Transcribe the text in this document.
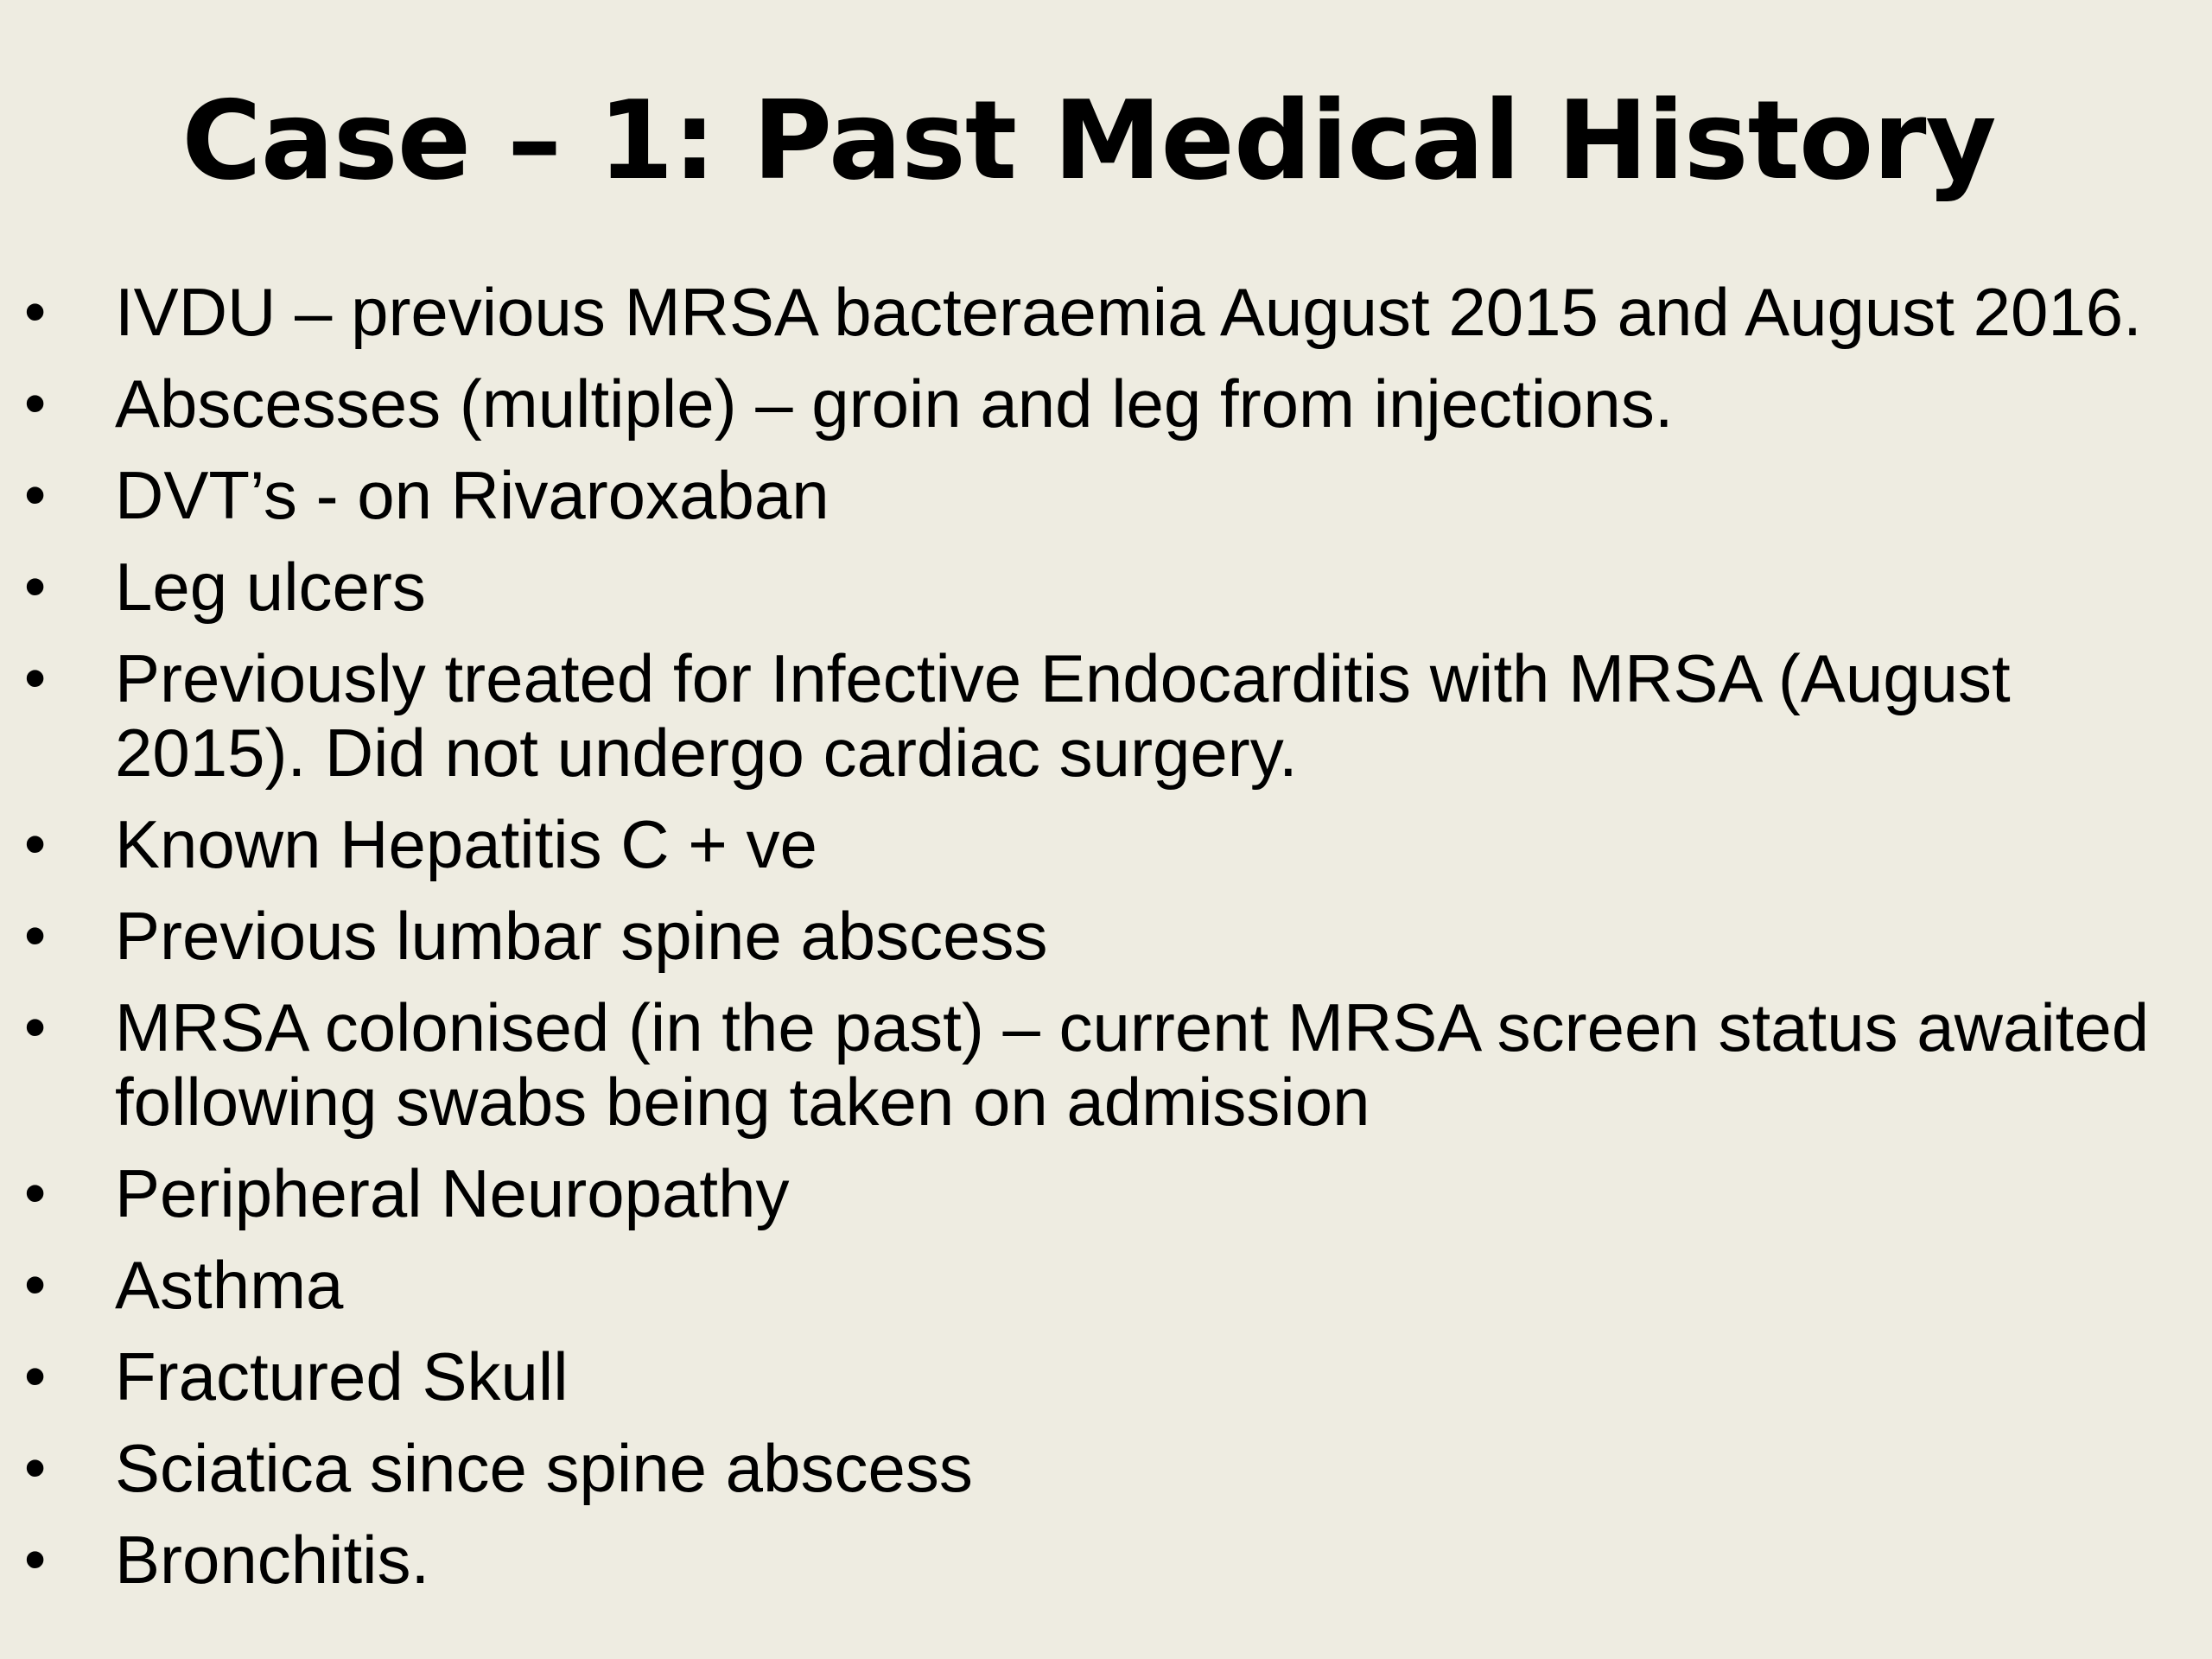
Case – 1: Past Medical History
•	IVDU – previous MRSA bacteraemia August 2015 and August 2016.
•	Abscesses (multiple) – groin and leg from injections.
•	DVT’s - on Rivaroxaban
•	Leg ulcers
•	Previously treated for Infective Endocarditis with MRSA (August 2015). Did not undergo cardiac surgery.
•	Known Hepatitis C + ve
•	Previous lumbar spine abscess
•	MRSA colonised (in the past) – current MRSA screen status awaited following swabs being taken on admission
•	Peripheral Neuropathy
•	Asthma
•	Fractured Skull
•	Sciatica since spine abscess
•	Bronchitis.
